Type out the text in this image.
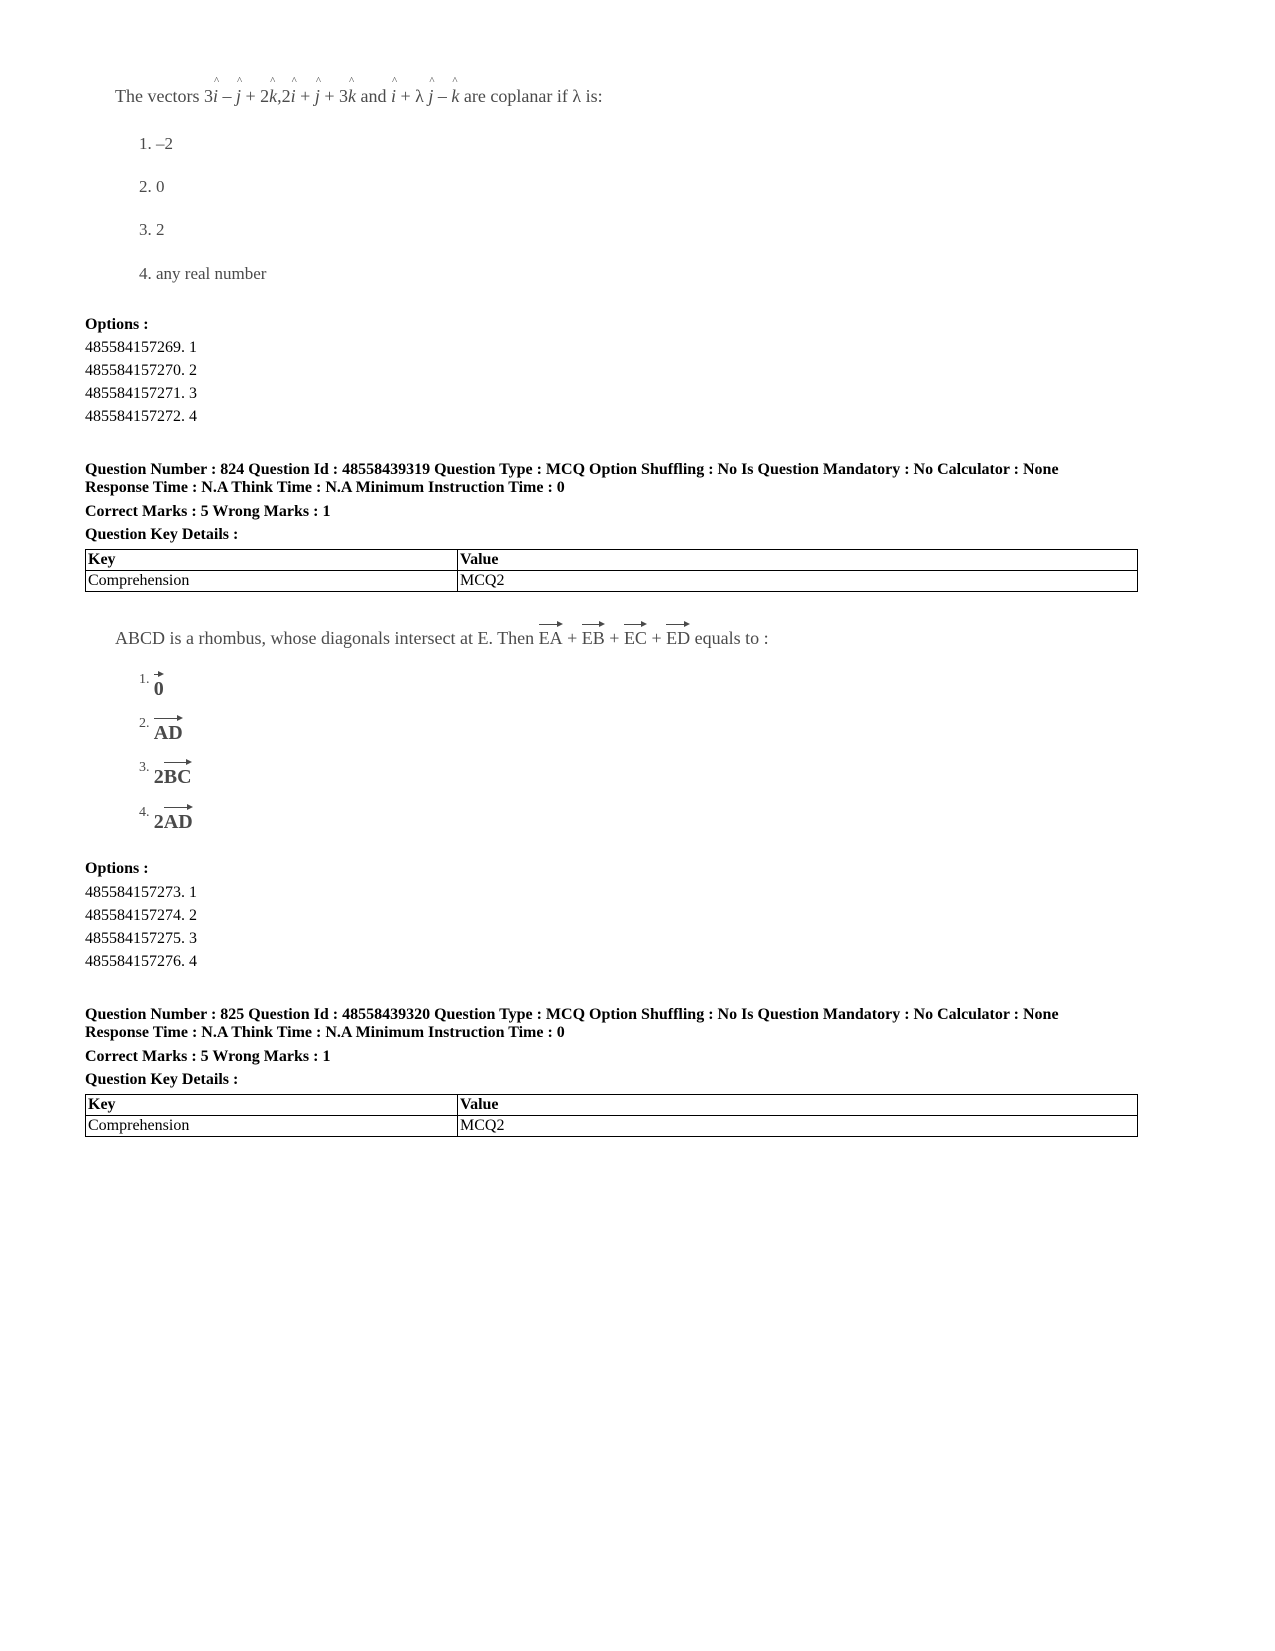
The vectors 3^ i – ^ j + 2^ k,2^ i + ^ j + 3^ k and ^ i + λ ^ j – ^ k are coplanar if λ is:
1. –2
2. 0
3. 2
4. any real number
Options :
485584157269. 1
485584157270. 2
485584157271. 3
485584157272. 4
Question Number : 824 Question Id : 48558439319 Question Type : MCQ Option Shuffling : No Is Question Mandatory : No Calculator : None
Response Time : N.A Think Time : N.A Minimum Instruction Time : 0
Correct Marks : 5 Wrong Marks : 1
Question Key Details :
Key	Value
Comprehension	MCQ2
ABCD is a rhombus, whose diagonals intersect at E. Then EA + EB + EC + ED equals to :
$^{1.}$ 0
$^{2.}$ AD
$^{3.}$ 2BC
$^{4.}$ 2AD
Options :
485584157273. 1
485584157274. 2
485584157275. 3
485584157276. 4
Question Number : 825 Question Id : 48558439320 Question Type : MCQ Option Shuffling : No Is Question Mandatory : No Calculator : None
Response Time : N.A Think Time : N.A Minimum Instruction Time : 0
Correct Marks : 5 Wrong Marks : 1
Question Key Details :
Key	Value
Comprehension	MCQ2
